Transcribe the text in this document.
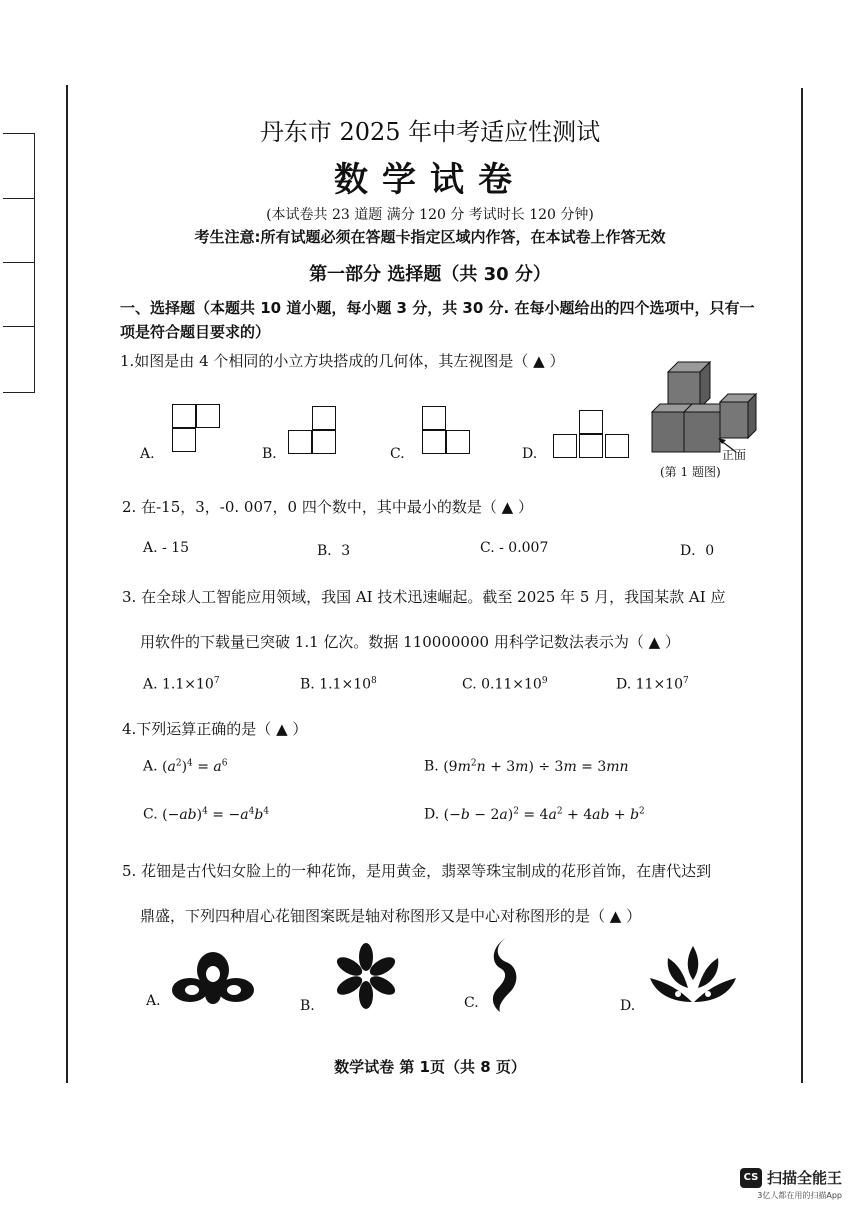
丹东市 2025 年中考适应性测试
数学试卷
(本试卷共 23 道题 满分 120 分 考试时长 120 分钟)
考生注意:所有试题必须在答题卡指定区域内作答，在本试卷上作答无效
第一部分 选择题（共 30 分）
一、选择题（本题共 10 道小题，每小题 3 分，共 30 分. 在每小题给出的四个选项中，只有一项是符合题目要求的）
1.如图是由 4 个相同的小立方块搭成的几何体，其左视图是（ ▲ ）
A.	B.	C.	D.	正面
(第 1 题图)
2. 在-15，3，-0. 007，0 四个数中，其中最小的数是（ ▲ ）
A. - 15	B．3	C. - 0.007	D．0
3. 在全球人工智能应用领域，我国 AI 技术迅速崛起。截至 2025 年 5 月，我国某款 AI 应
用软件的下载量已突破 1.1 亿次。数据 110000000 用科学记数法表示为（ ▲ ）
A. $1.1\times 10^7$	B. $1.1\times 10^8$	C. $0.11\times 10^9$	D. $11\times 10^7$
4.下列运算正确的是（ ▲ ）
A. $(a^2)^4 = a^6$	B. $(9m^2n + 3m) \div 3m = 3mn$
C. $(-ab)^4 = -a^4b^4$	D. $(-b - 2a)^2 = 4a^2 + 4ab + b^2$
5. 花钿是古代妇女脸上的一种花饰，是用黄金，翡翠等珠宝制成的花形首饰，在唐代达到
鼎盛，下列四种眉心花钿图案既是轴对称图形又是中心对称图形的是（ ▲ ）
A.	B.	C.	D.
数学试卷 第 1页（共 8 页）
CS 扫描全能王
3亿人都在用的扫描App
